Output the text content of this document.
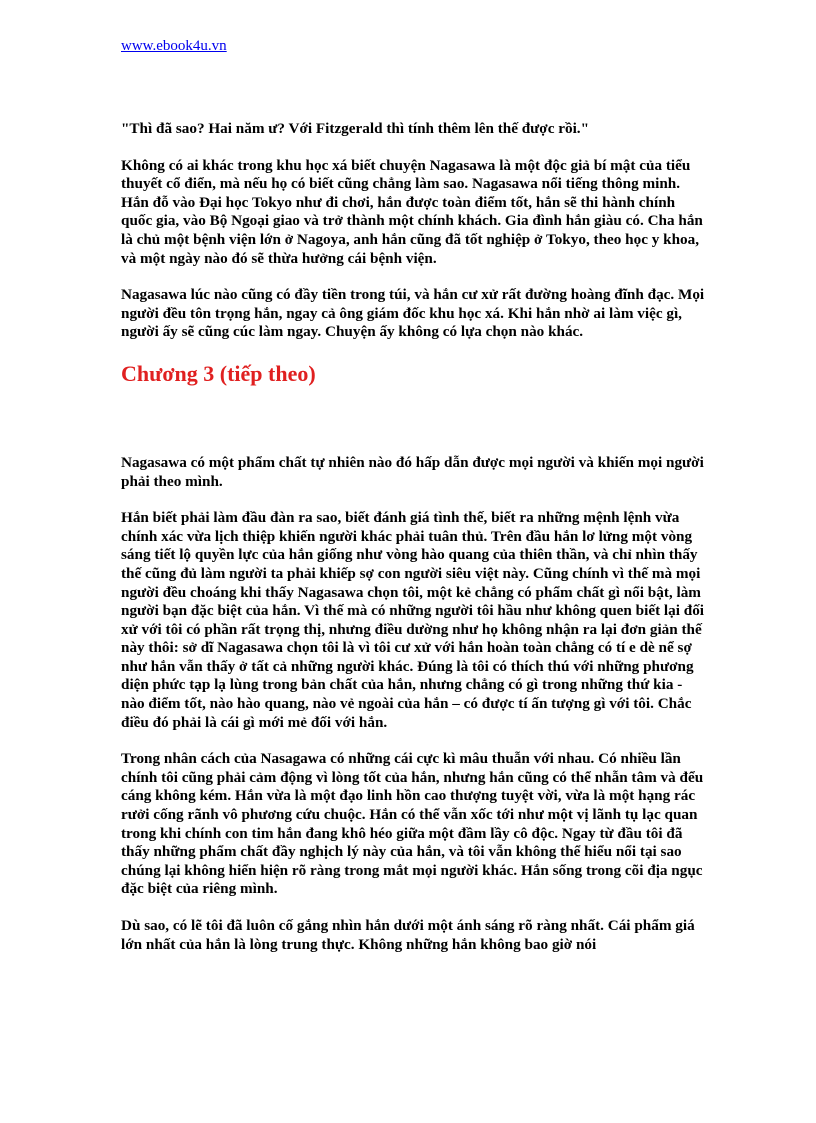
www.ebook4u.vn

"Thì đã sao? Hai năm ư? Với Fitzgerald thì tính thêm lên thế được rồi."

Không có ai khác trong khu học xá biết chuyện Nagasawa là một độc giả bí mật của tiểu thuyết cổ điển, mà nếu họ có biết cũng chẳng làm sao. Nagasawa nổi tiếng thông minh. Hắn đỗ vào Đại học Tokyo như đi chơi, hắn được toàn điểm tốt, hắn sẽ thi hành chính quốc gia, vào Bộ Ngoại giao và trở thành một chính khách. Gia đình hắn giàu có. Cha hắn là chủ một bệnh viện lớn ở Nagoya, anh hắn cũng đã tốt nghiệp ở Tokyo, theo học y khoa, và một ngày nào đó sẽ thừa hưởng cái bệnh viện.

Nagasawa lúc nào cũng có đầy tiền trong túi, và hắn cư xử rất đường hoàng đĩnh đạc. Mọi người đều tôn trọng hắn, ngay cả ông giám đốc khu học xá. Khi hắn nhờ ai làm việc gì, người ấy sẽ cũng cúc làm ngay. Chuyện ấy không có lựa chọn nào khác.

Chương 3 (tiếp theo)

Nagasawa có một phẩm chất tự nhiên nào đó hấp dẫn được mọi người và khiến mọi người phải theo mình.

Hắn biết phải làm đầu đàn ra sao, biết đánh giá tình thế, biết ra những mệnh lệnh vừa chính xác vừa lịch thiệp khiến người khác phải tuân thủ. Trên đầu hắn lơ lửng một vòng sáng tiết lộ quyền lực của hắn giống như vòng hào quang của thiên thần, và chỉ nhìn thấy thế cũng đủ làm người ta phải khiếp sợ con người siêu việt này. Cũng chính vì thế mà mọi người đều choáng khi thấy Nagasawa chọn tôi, một kẻ chẳng có phẩm chất gì nổi bật, làm người bạn đặc biệt của hắn. Vì thế mà có những người tôi hầu như không quen biết lại đối xử với tôi có phần rất trọng thị, nhưng điều dường như họ không nhận ra lại đơn giản thế này thôi: sở dĩ Nagasawa chọn tôi là vì tôi cư xử với hắn hoàn toàn chẳng có tí e dè nể sợ như hắn vẫn thấy ở tất cả những người khác. Đúng là tôi có thích thú với những phương diện phức tạp lạ lùng trong bản chất của hắn, nhưng chẳng có gì trong những thứ kia - nào điểm tốt, nào hào quang, nào vẻ ngoài của hắn – có được tí ấn tượng gì với tôi. Chắc điều đó phải là cái gì mới mẻ đối với hắn.

Trong nhân cách của Nasagawa có những cái cực kì mâu thuẫn với nhau. Có nhiều lần chính tôi cũng phải cảm động vì lòng tốt của hắn, nhưng hắn cũng có thể nhẫn tâm và đểu cáng không kém. Hắn vừa là một đạo linh hồn cao thượng tuyệt vời, vừa là một hạng rác rưởi cống rãnh vô phương cứu chuộc. Hắn có thể vẫn xốc tới như một vị lãnh tụ lạc quan trong khi chính con tim hắn đang khô héo giữa một đầm lầy cô độc. Ngay từ đầu tôi đã thấy những phẩm chất đầy nghịch lý này của hắn, và tôi vẫn không thể hiểu nổi tại sao chúng lại không hiển hiện rõ ràng trong mắt mọi người khác. Hắn sống trong cõi địa ngục đặc biệt của riêng mình.

Dù sao, có lẽ tôi đã luôn cố gắng nhìn hắn dưới một ánh sáng rõ ràng nhất. Cái phẩm giá lớn nhất của hắn là lòng trung thực. Không những hắn không bao giờ nói
